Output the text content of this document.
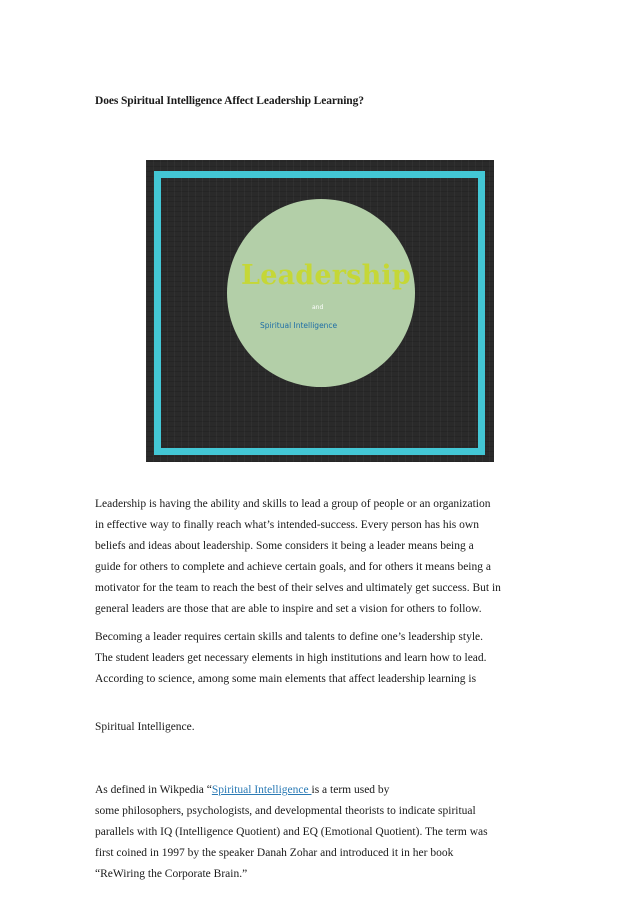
Does Spiritual Intelligence Affect Leadership Learning?
Leadership
and
Spiritual Intelligence

Leadership is having the ability and skills to lead a group of people or an organization
in effective way to finally reach what’s intended-success. Every person has his own
beliefs and ideas about leadership. Some considers it being a leader means being a
guide for others to complete and achieve certain goals, and for others it means being a
motivator for the team to reach the best of their selves and ultimately get success. But in
general leaders are those that are able to inspire and set a vision for others to follow.

Becoming a leader requires certain skills and talents to define one’s leadership style.
The student leaders get necessary elements in high institutions and learn how to lead.
According to science, among some main elements that affect leadership learning is

Spiritual Intelligence.

As defined in Wikpedia “Spiritual Intelligence is a term used by
some philosophers, psychologists, and developmental theorists to indicate spiritual
parallels with IQ (Intelligence Quotient) and EQ (Emotional Quotient). The term was
first coined in 1997 by the speaker Danah Zohar and introduced it in her book
“ReWiring the Corporate Brain.”
